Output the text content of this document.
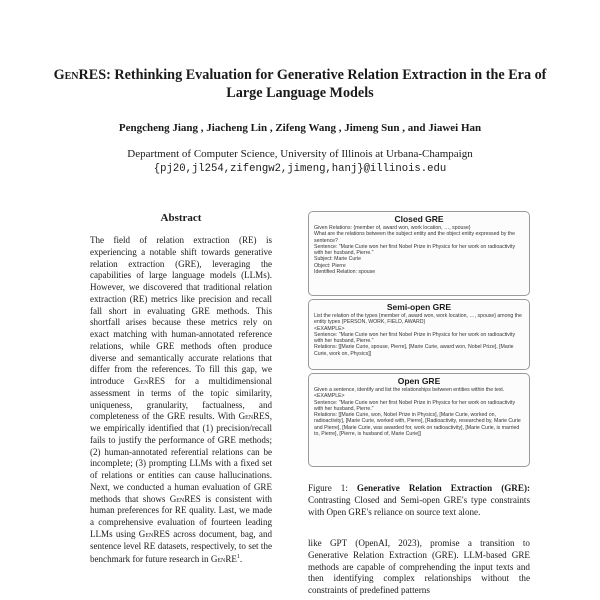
GenRES: Rethinking Evaluation for Generative Relation Extraction in the Era of Large Language Models
Pengcheng Jiang , Jiacheng Lin , Zifeng Wang , Jimeng Sun , and Jiawei Han
Department of Computer Science, University of Illinois at Urbana-Champaign
{pj20,jl254,zifengw2,jimeng,hanj}@illinois.edu
Abstract
The field of relation extraction (RE) is experiencing a notable shift towards generative relation extraction (GRE), leveraging the capabilities of large language models (LLMs). However, we discovered that traditional relation extraction (RE) metrics like precision and recall fall short in evaluating GRE methods. This shortfall arises because these metrics rely on exact matching with human-annotated reference relations, while GRE methods often produce diverse and semantically accurate relations that differ from the references. To fill this gap, we introduce GenRES for a multidimensional assessment in terms of the topic similarity, uniqueness, granularity, factualness, and completeness of the GRE results. With GenRES, we empirically identified that (1) precision/recall fails to justify the performance of GRE methods; (2) human-annotated referential relations can be incomplete; (3) prompting LLMs with a fixed set of relations or entities can cause hallucinations. Next, we conducted a human evaluation of GRE methods that shows GenRES is consistent with human preferences for RE quality. Last, we made a comprehensive evaluation of fourteen leading LLMs using GenRES across document, bag, and sentence level RE datasets, respectively, to set the benchmark for future research in GenRE$^1$.
Closed GRE
Given Relations: {member of, award won, work location, …, spouse}
What are the relations between the subject entity and the object entity expressed by the sentence?
Sentence: "Marie Curie won her first Nobel Prize in Physics for her work on radioactivity with her husband, Pierre."
Subject: Marie Curie
Object: Pierre
Identified Relation: spouse
Semi-open GRE
List the relation of the types {member of, award won, work location, …, spouse} among the entity types {PERSON, WORK, FIELD, AWARD}
<EXAMPLE>
Sentence: "Marie Curie won her first Nobel Prize in Physics for her work on radioactivity with her husband, Pierre."
Relations: [[Marie Curie, spouse, Pierre], [Marie Curie, award won, Nobel Prize], [Marie Curie, work on, Physics]]
Open GRE
Given a sentence, identify and list the relationships between entities within the text.
<EXAMPLE>
Sentence: "Marie Curie won her first Nobel Prize in Physics for her work on radioactivity with her husband, Pierre."
Relations: [[Marie Curie, won, Nobel Prize in Physics], [Marie Curie, worked on, radioactivity], [Marie Curie, worked with, Pierre], [Radioactivity, researched by, Marie Curie and Pierre], [Marie Curie, was awarded for, work on radioactivity], [Marie Curie, is married to, Pierre], [Pierre, is husband of, Marie Curie]]
Figure 1: Generative Relation Extraction (GRE): Contrasting Closed and Semi-open GRE's type constraints with Open GRE's reliance on source text alone.
like GPT (OpenAI, 2023), promise a transition to Generative Relation Extraction (GRE). LLM-based GRE methods are capable of comprehending the input texts and then identifying complex relationships without the constraints of predefined patterns
